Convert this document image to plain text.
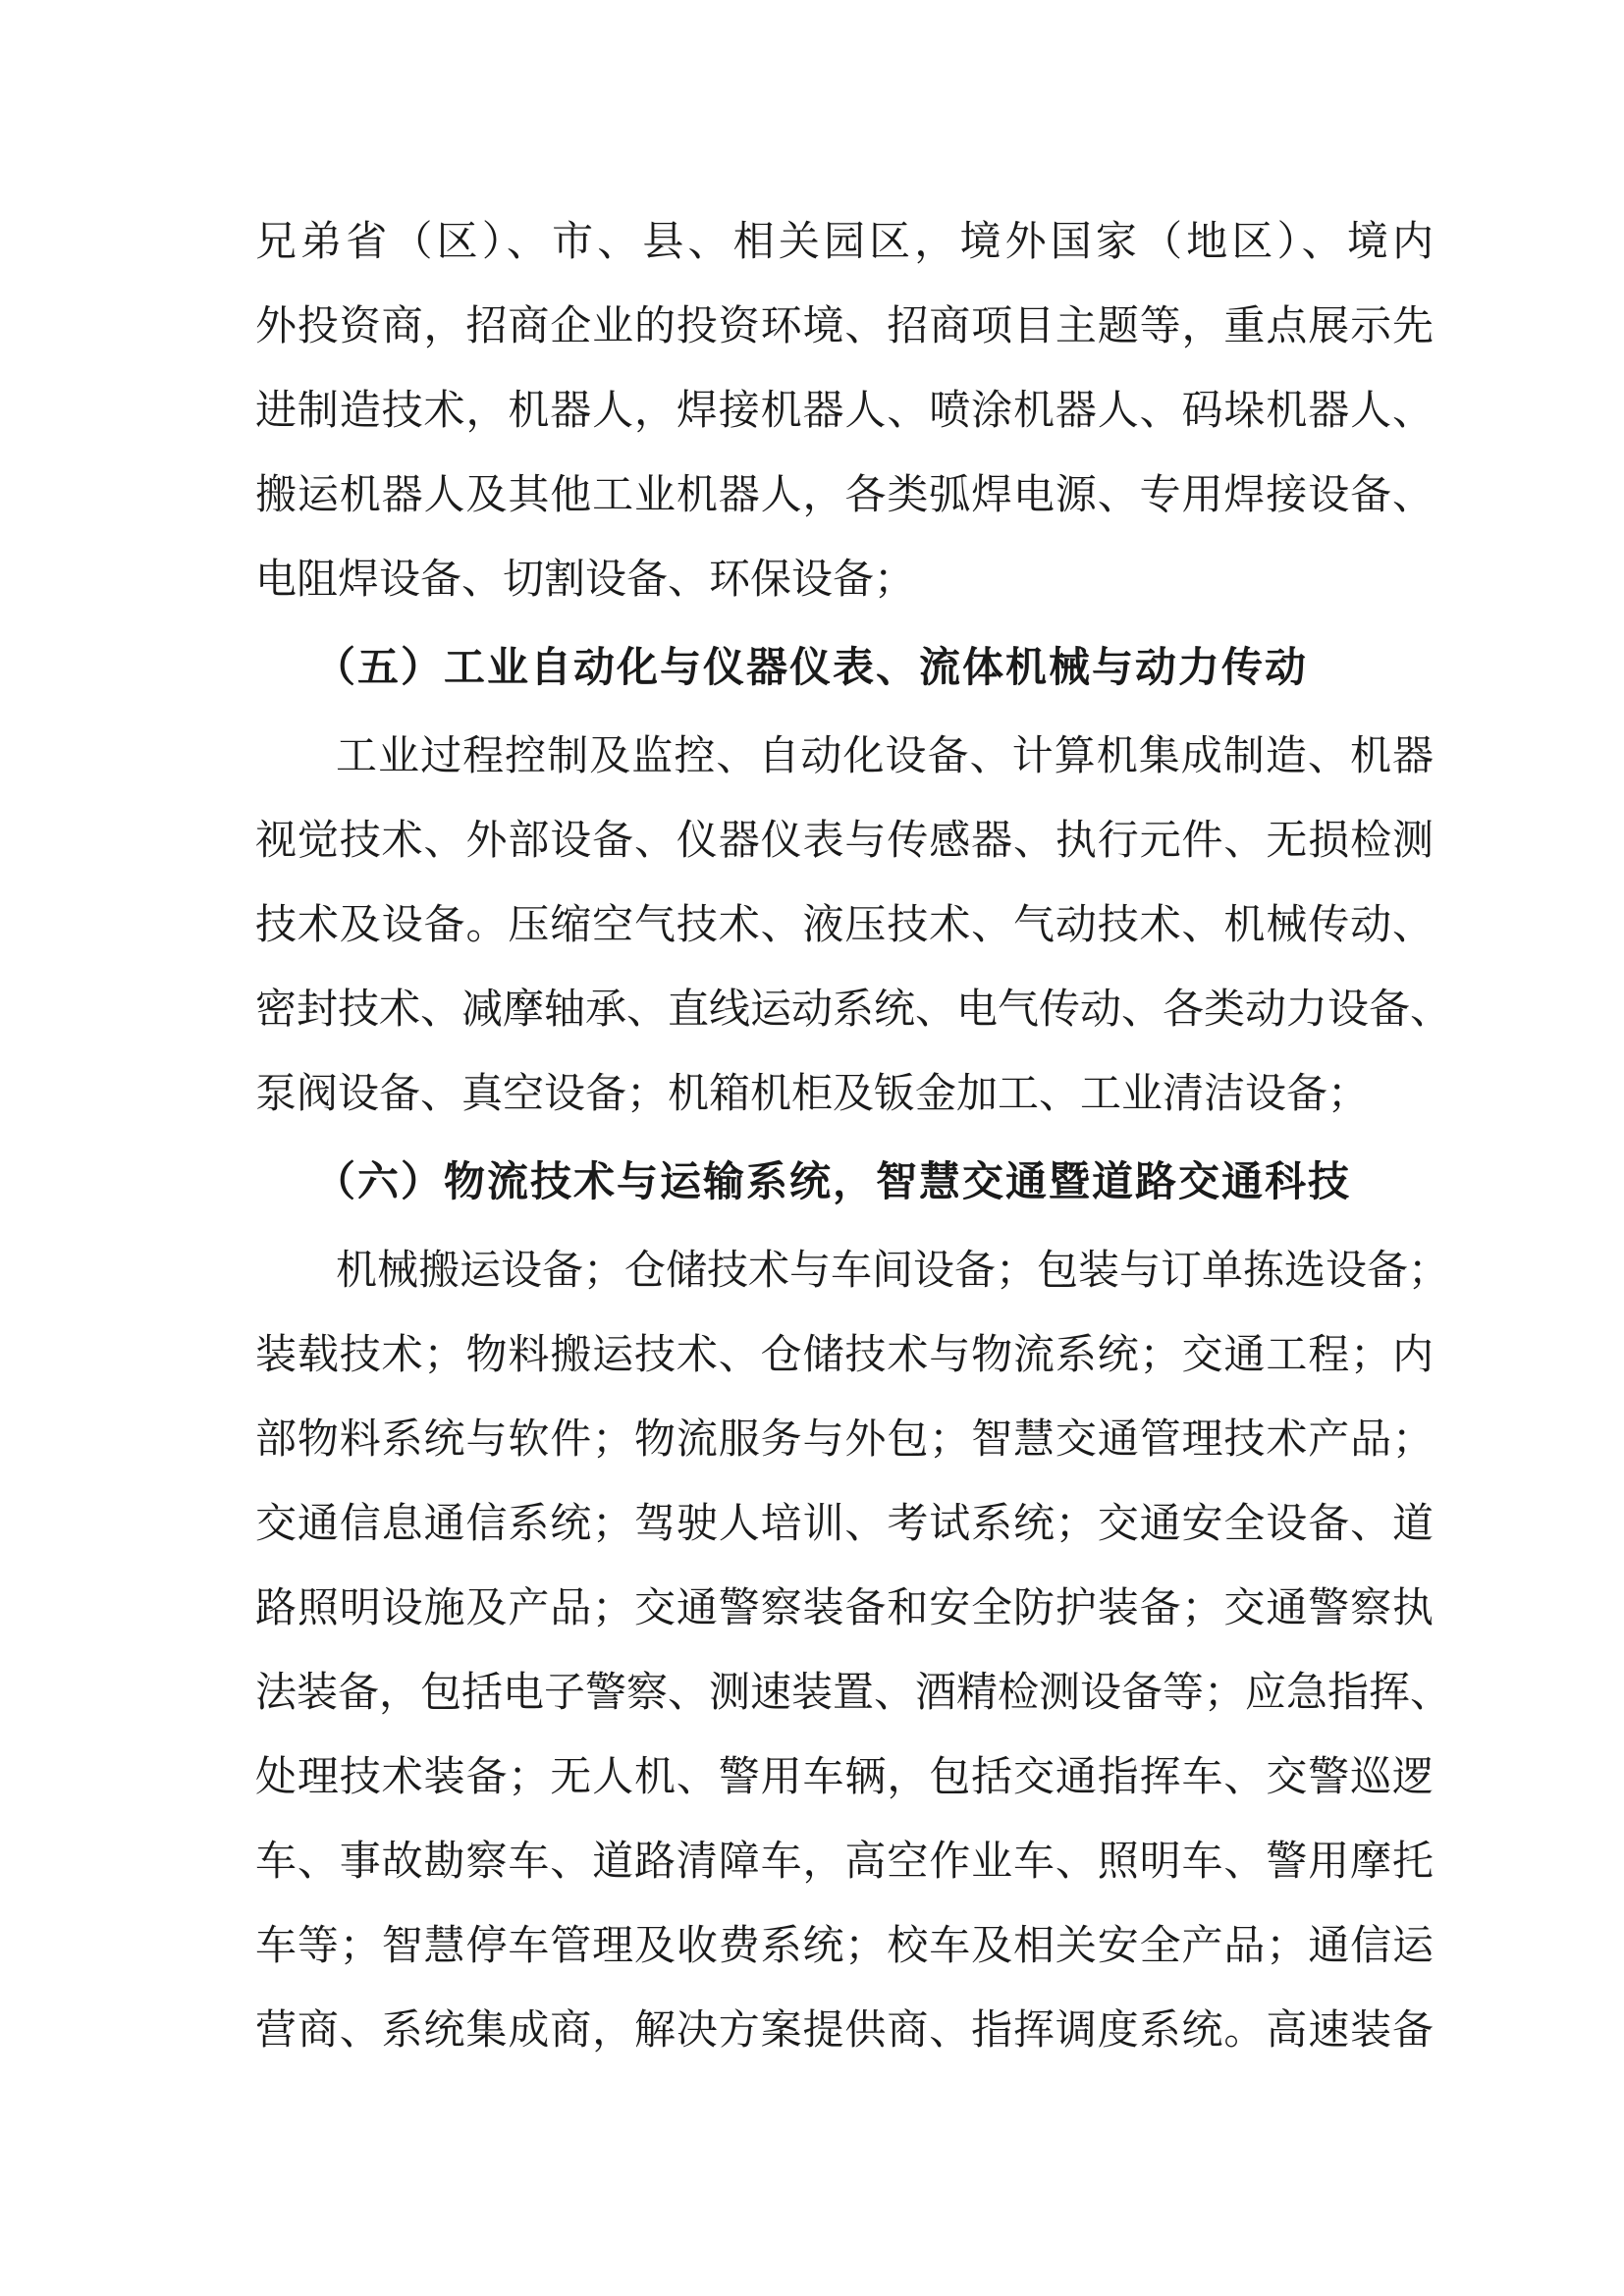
兄弟省（区）、市、县、相关园区，境外国家（地区）、境内
外投资商，招商企业的投资环境、招商项目主题等，重点展示先
进制造技术，机器人，焊接机器人、喷涂机器人、码垛机器人、
搬运机器人及其他工业机器人，各类弧焊电源、专用焊接设备、
电阻焊设备、切割设备、环保设备；
（五）工业自动化与仪器仪表、流体机械与动力传动
工业过程控制及监控、自动化设备、计算机集成制造、机器
视觉技术、外部设备、仪器仪表与传感器、执行元件、无损检测
技术及设备。压缩空气技术、液压技术、气动技术、机械传动、
密封技术、减摩轴承、直线运动系统、电气传动、各类动力设备、
泵阀设备、真空设备；机箱机柜及钣金加工、工业清洁设备；
（六）物流技术与运输系统，智慧交通暨道路交通科技
机械搬运设备；仓储技术与车间设备；包装与订单拣选设备；
装载技术；物料搬运技术、仓储技术与物流系统；交通工程；内
部物料系统与软件；物流服务与外包；智慧交通管理技术产品；
交通信息通信系统；驾驶人培训、考试系统；交通安全设备、道
路照明设施及产品；交通警察装备和安全防护装备；交通警察执
法装备，包括电子警察、测速装置、酒精检测设备等；应急指挥、
处理技术装备；无人机、警用车辆，包括交通指挥车、交警巡逻
车、事故勘察车、道路清障车，高空作业车、照明车、警用摩托
车等；智慧停车管理及收费系统；校车及相关安全产品；通信运
营商、系统集成商，解决方案提供商、指挥调度系统。高速装备
